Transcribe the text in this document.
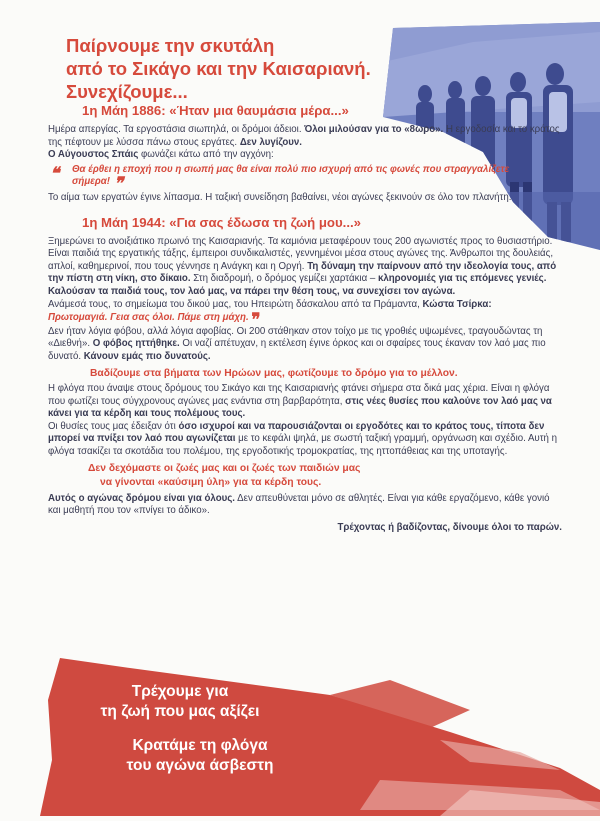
Παίρνουμε την σκυτάλη
από το Σικάγο και την Καισαριανή.
Συνεχίζουμε...
1η Μάη 1886: «Ήταν μια θαυμάσια μέρα...»

Ημέρα απεργίας. Τα εργοστάσια σιωπηλά, οι δρόμοι άδειοι. Όλοι μιλούσαν για το «8ωρο». Η εργοδοσία και το κράτος της πέφτουν με λύσσα πάνω στους εργάτες. Δεν λυγίζουν.

Ο Αύγουστος Σπάις φωνάζει κάτω από την αγχόνη:

❝ Θα έρθει η εποχή που η σιωπή μας θα είναι πολύ πιο ισχυρή από τις φωνές που στραγγαλίζετε σήμερα! ❞

Το αίμα των εργατών έγινε λίπασμα. Η ταξική συνείδηση βαθαίνει, νέοι αγώνες ξεκινούν σε όλο τον πλανήτη.

1η Μάη 1944: «Για σας έδωσα τη ζωή μου...»

Ξημερώνει το ανοιξιάτικο πρωινό της Καισαριανής. Τα καμιόνια μεταφέρουν τους 200 αγωνιστές προς το θυσιαστήριο. Είναι παιδιά της εργατικής τάξης, έμπειροι συνδικαλιστές, γεννημένοι μέσα στους αγώνες της. Άνθρωποι της δουλειάς, απλοί, καθημερινοί, που τους γέννησε η Ανάγκη και η Οργή. Τη δύναμη την παίρνουν από την ιδεολογία τους, από την πίστη στη νίκη, στο δίκαιο. Στη διαδρομή, ο δρόμος γεμίζει χαρτάκια – κληρονομιές για τις επόμενες γενιές. Καλούσαν τα παιδιά τους, τον λαό μας, να πάρει την θέση τους, να συνεχίσει τον αγώνα.

Ανάμεσά τους, το σημείωμα του δικού μας, του Ηπειρώτη δάσκαλου από τα Πράμαντα, Κώστα Τσίρκα:

Πρωτομαγιά. Γεια σας όλοι. Πάμε στη μάχη. ❞

Δεν ήταν λόγια φόβου, αλλά λόγια αφοβίας. Οι 200 στάθηκαν στον τοίχο με τις γροθιές υψωμένες, τραγουδώντας τη «Διεθνή». Ο φόβος ηττήθηκε. Οι ναζί απέτυχαν, η εκτέλεση έγινε όρκος και οι σφαίρες τους έκαναν τον λαό μας πιο δυνατό. Κάνουν εμάς πιο δυνατούς.

Βαδίζουμε στα βήματα των Ηρώων μας, φωτίζουμε το δρόμο για το μέλλον.

Η φλόγα που άναψε στους δρόμους του Σικάγο και της Καισαριανής φτάνει σήμερα στα δικά μας χέρια. Είναι η φλόγα που φωτίζει τους σύγχρονους αγώνες μας ενάντια στη βαρβαρότητα, στις νέες θυσίες που καλούνε τον λαό μας να κάνει για τα κέρδη και τους πολέμους τους.

Οι θυσίες τους μας έδειξαν ότι όσο ισχυροί και να παρουσιάζονται οι εργοδότες και το κράτος τους, τίποτα δεν μπορεί να πνίξει τον λαό που αγωνίζεται με το κεφάλι ψηλά, με σωστή ταξική γραμμή, οργάνωση και σχέδιο. Αυτή η φλόγα τσακίζει τα σκοτάδια του πολέμου, της εργοδοτικής τρομοκρατίας, της ηττοπάθειας και της υποταγής.

Δεν δεχόμαστε οι ζωές μας και οι ζωές των παιδιών μας

να γίνονται «καύσιμη ύλη» για τα κέρδη τους.

Αυτός ο αγώνας δρόμου είναι για όλους. Δεν απευθύνεται μόνο σε αθλητές. Είναι για κάθε εργαζόμενο, κάθε γονιό και μαθητή που τον «πνίγει το άδικο».

Τρέχοντας ή βαδίζοντας, δίνουμε όλοι το παρών.

Τρέχουμε για
τη ζωή που μας αξίζει
Κρατάμε τη φλόγα
του αγώνα άσβεστη
